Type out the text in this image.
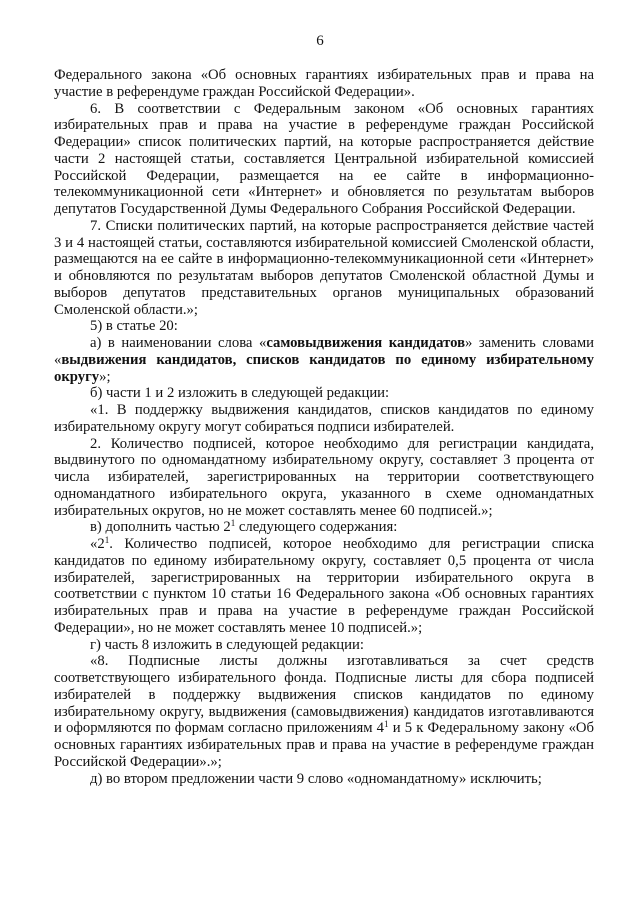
6

Федерального закона «Об основных гарантиях избирательных прав и права на участие в референдуме граждан Российской Федерации».

6. В соответствии с Федеральным законом «Об основных гарантиях избирательных прав и права на участие в референдуме граждан Российской Федерации» список политических партий, на которые распространяется действие части 2 настоящей статьи, составляется Центральной избирательной комиссией Российской Федерации, размещается на ее сайте в информационно-телекоммуникационной сети «Интернет» и обновляется по результатам выборов депутатов Государственной Думы Федерального Собрания Российской Федерации.

7. Списки политических партий, на которые распространяется действие частей 3 и 4 настоящей статьи, составляются избирательной комиссией Смоленской области, размещаются на ее сайте в информационно-телекоммуникационной сети «Интернет» и обновляются по результатам выборов депутатов Смоленской областной Думы и выборов депутатов представительных органов муниципальных образований Смоленской области.»;

5) в статье 20:

а) в наименовании слова «самовыдвижения кандидатов» заменить словами «выдвижения кандидатов, списков кандидатов по единому избирательному округу»;

б) части 1 и 2 изложить в следующей редакции:

«1. В поддержку выдвижения кандидатов, списков кандидатов по единому избирательному округу могут собираться подписи избирателей.

2. Количество подписей, которое необходимо для регистрации кандидата, выдвинутого по одномандатному избирательному округу, составляет 3 процента от числа избирателей, зарегистрированных на территории соответствующего одномандатного избирательного округа, указанного в схеме одномандатных избирательных округов, но не может составлять менее 60 подписей.»;

в) дополнить частью $2^1$ следующего содержания:

«$2^1$. Количество подписей, которое необходимо для регистрации списка кандидатов по единому избирательному округу, составляет 0,5 процента от числа избирателей, зарегистрированных на территории избирательного округа в соответствии с пунктом 10 статьи 16 Федерального закона «Об основных гарантиях избирательных прав и права на участие в референдуме граждан Российской Федерации», но не может составлять менее 10 подписей.»;

г) часть 8 изложить в следующей редакции:

«8. Подписные листы должны изготавливаться за счет средств соответствующего избирательного фонда. Подписные листы для сбора подписей избирателей в поддержку выдвижения списков кандидатов по единому избирательному округу, выдвижения (самовыдвижения) кандидатов изготавливаются и оформляются по формам согласно приложениям $4^1$ и 5 к Федеральному закону «Об основных гарантиях избирательных прав и права на участие в референдуме граждан Российской Федерации».»;

д) во втором предложении части 9 слово «одномандатному» исключить;
